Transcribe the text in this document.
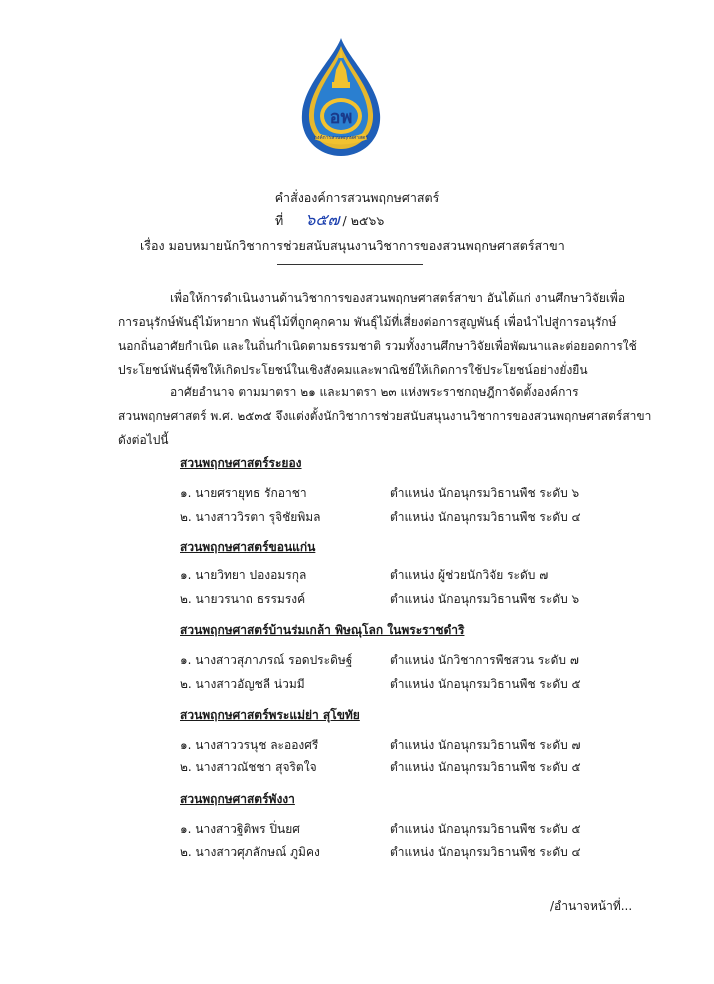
อพ
องค์การสวนพฤกษศาสตร์
คำสั่งองค์การสวนพฤกษศาสตร์
ที่ ๖๕๗ / ๒๕๖๖
เรื่อง มอบหมายนักวิชาการช่วยสนับสนุนงานวิชาการของสวนพฤกษศาสตร์สาขา
เพื่อให้การดำเนินงานด้านวิชาการของสวนพฤกษศาสตร์สาขา อันได้แก่ งานศึกษาวิจัยเพื่อ
การอนุรักษ์พันธุ์ไม้หายาก พันธุ์ไม้ที่ถูกคุกคาม พันธุ์ไม้ที่เสี่ยงต่อการสูญพันธุ์ เพื่อนำไปสู่การอนุรักษ์
นอกถิ่นอาศัยกำเนิด และในถิ่นกำเนิดตามธรรมชาติ รวมทั้งงานศึกษาวิจัยเพื่อพัฒนาและต่อยอดการใช้
ประโยชน์พันธุ์พืชให้เกิดประโยชน์ในเชิงสังคมและพาณิชย์ให้เกิดการใช้ประโยชน์อย่างยั่งยืน
อาศัยอำนาจ ตามมาตรา ๒๑ และมาตรา ๒๓ แห่งพระราชกฤษฎีกาจัดตั้งองค์การ
สวนพฤกษศาสตร์ พ.ศ. ๒๕๓๕ จึงแต่งตั้งนักวิชาการช่วยสนับสนุนงานวิชาการของสวนพฤกษศาสตร์สาขา
ดังต่อไปนี้
สวนพฤกษศาสตร์ระยอง
๑. นายศรายุทธ รักอาชา	ตำแหน่ง นักอนุกรมวิธานพืช ระดับ ๖
๒. นางสาววิรตา รุจิชัยพิมล	ตำแหน่ง นักอนุกรมวิธานพืช ระดับ ๔
สวนพฤกษศาสตร์ขอนแก่น
๑. นายวิทยา ปองอมรกุล	ตำแหน่ง ผู้ช่วยนักวิจัย ระดับ ๗
๒. นายวรนาถ ธรรมรงค์	ตำแหน่ง นักอนุกรมวิธานพืช ระดับ ๖
สวนพฤกษศาสตร์บ้านร่มเกล้า พิษณุโลก ในพระราชดำริ
๑. นางสาวสุภาภรณ์ รอดประดิษฐ์	ตำแหน่ง นักวิชาการพืชสวน ระดับ ๗
๒. นางสาวอัญชลี น่วมมี	ตำแหน่ง นักอนุกรมวิธานพืช ระดับ ๕
สวนพฤกษศาสตร์พระแม่ย่า สุโขทัย
๑. นางสาววรนุช ละอองศรี	ตำแหน่ง นักอนุกรมวิธานพืช ระดับ ๗
๒. นางสาวณัชชา สุจริตใจ	ตำแหน่ง นักอนุกรมวิธานพืช ระดับ ๕
สวนพฤกษศาสตร์พังงา
๑. นางสาวฐิติพร ปิ่นยศ	ตำแหน่ง นักอนุกรมวิธานพืช ระดับ ๕
๒. นางสาวศุภลักษณ์ ภูมิคง	ตำแหน่ง นักอนุกรมวิธานพืช ระดับ ๔
/อำนาจหน้าที่...
